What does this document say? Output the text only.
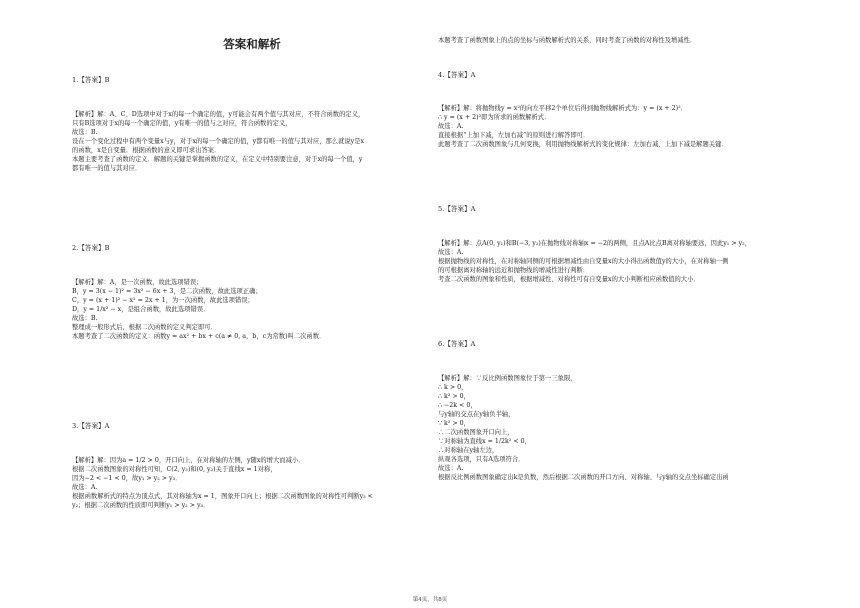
答案和解析
1.【答案】B
【解析】解：A、C、D选项中对于x的每一个确定的值，y可能会有两个值与其对应，不符合函数的定义，
只有B选项对于x的每一个确定的值，y有唯一的值与之对应，符合函数的定义，
故选：B.
设在一个变化过程中有两个变量x与y，对于x的每一个确定的值，y都有唯一的值与其对应，那么就说y是x
的函数，x是自变量．根据函数的意义即可求出答案．
本题主要考查了函数的定义．解题的关键是掌握函数的定义，在定义中特别要注意，对于x的每一个值，y
都有唯一的值与其对应．
2.【答案】B
【解析】解：A，是一次函数，故此选项错误；
B，y = 3(x − 1)² = 3x² − 6x + 3，是二次函数，故此选项正确；
C，y = (x + 1)² − x² = 2x + 1，为一次函数，故此选项错误；
D，y = 1/x² − x，是组合函数，故此选项错误．
故选：B.
整理成一般形式后，根据二次函数的定义判定即可．
本题考查了二次函数的定义：函数y = ax² + bx + c(a ≠ 0, a，b，c为常数)叫二次函数．
3.【答案】A
【解析】解：因为a = 1/2 > 0，开口向上，在对称轴的左侧，y随x的增大而减小．
根据二次函数图象的对称性可知，C(2, y₃)和(0, y₃)关于直线x = 1对称，
因为−2 < −1 < 0，故y₁ > y₂ > y₃．
故选：A.
根据函数解析式的特点为顶点式，其对称轴为x = 1，图象开口向上；根据二次函数图象的对称性可判断y₃ <
y₂；根据二次函数的性质即可判断y₁ > y₂ > y₃．
本题考查了函数图象上的点的坐标与函数解析式的关系，同时考查了函数的对称性及增减性．
4.【答案】A
【解析】解：将抛物线y = x²的向左平移2个单位后得到抛物线解析式为：y = (x + 2)²．
∴ y = (x + 2)²即为所求的函数解析式．
故选：A.
直接根据“上加下减，左加右减”的原则进行解答即可．
此题考查了二次函数图象与几何变换，利用抛物线解析式的变化规律：左加右减，上加下减是解题关键．
5.【答案】A
【解析】解：点A(0, y₁)和B(−3, y₂)在抛物线对称轴x = −2的两侧，且点A比点B离对称轴要远，因此y₁ > y₂，
故选：A.
根据抛物线的对称性，在对称轴同侧的可根据增减性由自变量x的大小得出函数值y的大小，在对称轴一侧
的可根据离对称轴的远近和抛物线的增减性进行判断．
考查二次函数的图象和性质，根据增减性、对称性可有自变量x的大小判断相应函数值的大小．
6.【答案】A
【解析】解：∵反比例函数图象位于第一三象限，
∴ k > 0，
∴ k² > 0，
∴ −2k < 0，
与y轴的交点在y轴负半轴，
∵ k² > 0，
∴二次函数图象开口向上，
∵对称轴为直线x = 1/2k² < 0，
∴对称轴在y轴左边，
纵观各选项，只有A选项符合．
故选：A.
根据反比例函数图象确定出k是负数，然后根据二次函数的开口方向、对称轴、与y轴的交点坐标确定出函
第4页，共8页
